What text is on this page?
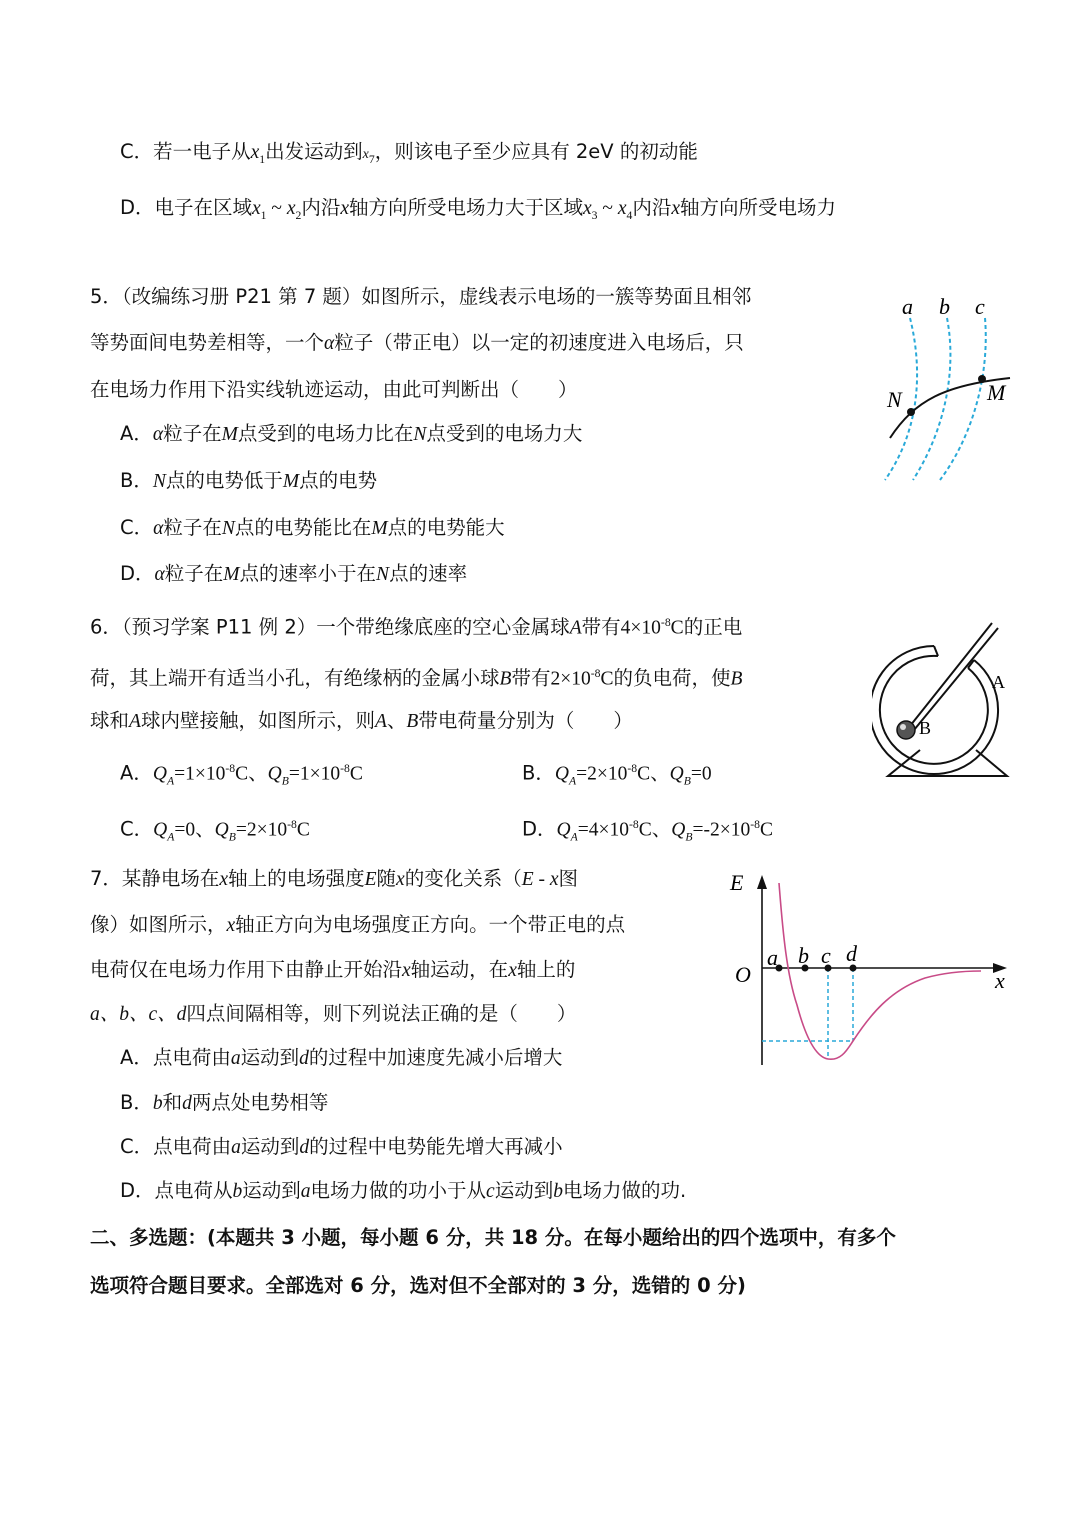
C．若一电子从$x_1$出发运动到$x_7$，则该电子至少应具有 2eV 的初动能
D．电子在区域$x_1$ ~ $x_2$内沿x轴方向所受电场力大于区域$x_3$ ~ $x_4$内沿x轴方向所受电场力
5．（改编练习册 P21 第 7 题）如图所示，虚线表示电场的一簇等势面且相邻
等势面间电势差相等，一个α粒子（带正电）以一定的初速度进入电场后，只
在电场力作用下沿实线轨迹运动，由此可判断出（　　）
A．α粒子在M点受到的电场力比在N点受到的电场力大
B．N点的电势低于M点的电势
C．α粒子在N点的电势能比在M点的电势能大
D．α粒子在M点的速率小于在N点的速率
a b c
N	M
6．（预习学案 P11 例 2）一个带绝缘底座的空心金属球A带有$4\times 10^{-8}C$的正电
荷，其上端开有适当小孔，有绝缘柄的金属小球B带有$2\times 10^{-8}C$的负电荷，使B
球和A球内壁接触，如图所示，则A、B带电荷量分别为（　　）
A．$Q_A=1\times 10^{-8}C$、$Q_B=1\times 10^{-8}C$	B．$Q_A=2\times 10^{-8}C$、$Q_B=0$
C．$Q_A=0$、$Q_B=2\times 10^{-8}C$	D．$Q_A=4\times 10^{-8}C$、$Q_B=-2\times 10^{-8}C$
A
B
7．某静电场在x轴上的电场强度E随x的变化关系（E - x图
像）如图所示，x轴正方向为电场强度正方向。一个带正电的点
电荷仅在电场力作用下由静止开始沿x轴运动，在x轴上的
a、b、c、d四点间隔相等，则下列说法正确的是（　　）
A．点电荷由a运动到d的过程中加速度先减小后增大
B．b和d两点处电势相等
C．点电荷由a运动到d的过程中电势能先增大再减小
D．点电荷从b运动到a电场力做的功小于从c运动到b电场力做的功.
E
O	x
a b c d
二、多选题：(本题共 3 小题，每小题 6 分，共 18 分。在每小题给出的四个选项中，有多个
选项符合题目要求。全部选对 6 分，选对但不全部对的 3 分，选错的 0 分)
